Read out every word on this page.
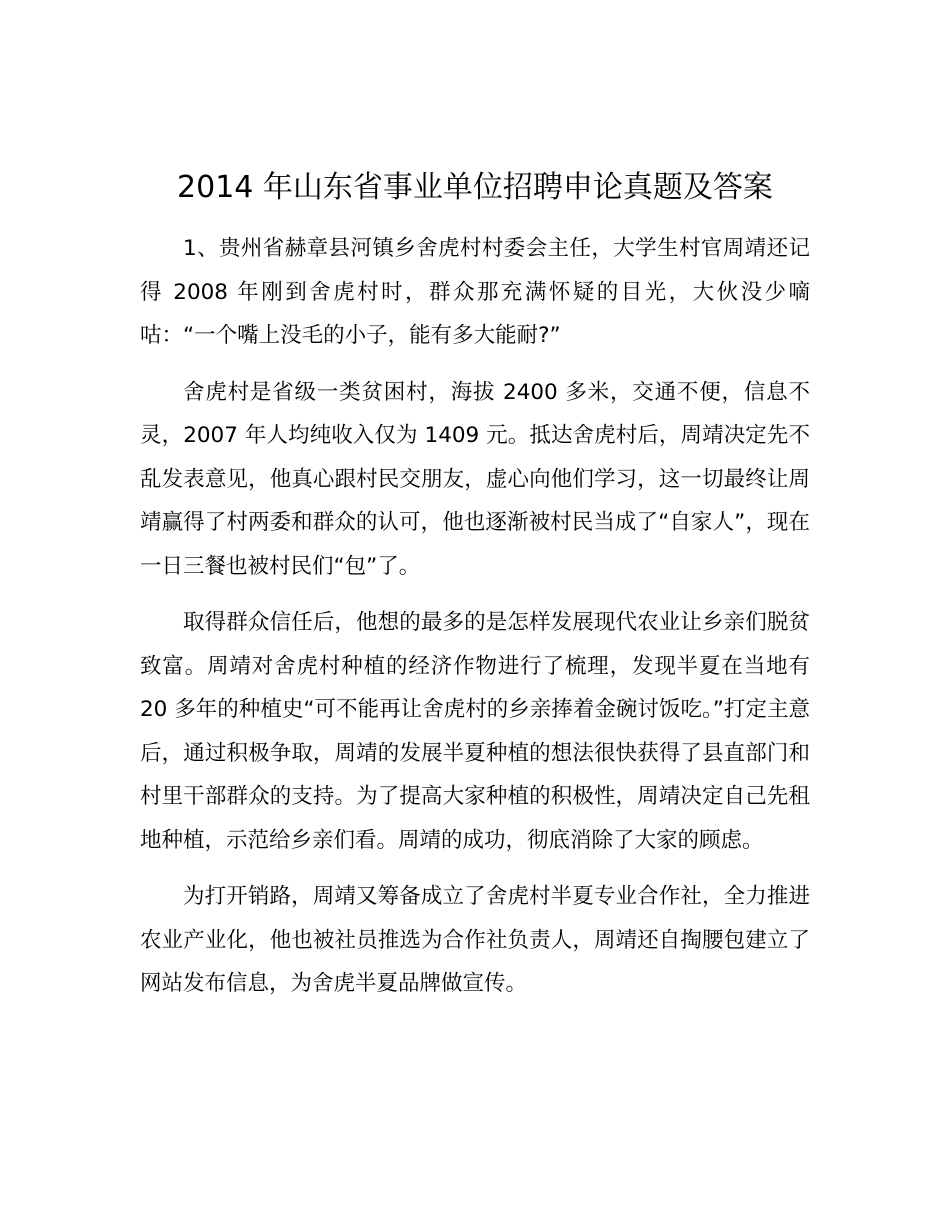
2014 年山东省事业单位招聘申论真题及答案

1、贵州省赫章县河镇乡舍虎村村委会主任，大学生村官周靖还记得 2008 年刚到舍虎村时，群众那充满怀疑的目光，大伙没少嘀咕：“一个嘴上没毛的小子，能有多大能耐?”

舍虎村是省级一类贫困村，海拔 2400 多米，交通不便，信息不灵，2007 年人均纯收入仅为 1409 元。抵达舍虎村后，周靖决定先不乱发表意见，他真心跟村民交朋友，虚心向他们学习，这一切最终让周靖赢得了村两委和群众的认可，他也逐渐被村民当成了“自家人”，现在一日三餐也被村民们“包”了。

取得群众信任后，他想的最多的是怎样发展现代农业让乡亲们脱贫致富。周靖对舍虎村种植的经济作物进行了梳理，发现半夏在当地有 20 多年的种植史“可不能再让舍虎村的乡亲捧着金碗讨饭吃。”打定主意后，通过积极争取，周靖的发展半夏种植的想法很快获得了县直部门和村里干部群众的支持。为了提高大家种植的积极性，周靖决定自己先租地种植，示范给乡亲们看。周靖的成功，彻底消除了大家的顾虑。

为打开销路，周靖又筹备成立了舍虎村半夏专业合作社，全力推进农业产业化，他也被社员推选为合作社负责人，周靖还自掏腰包建立了网站发布信息，为舍虎半夏品牌做宣传。
